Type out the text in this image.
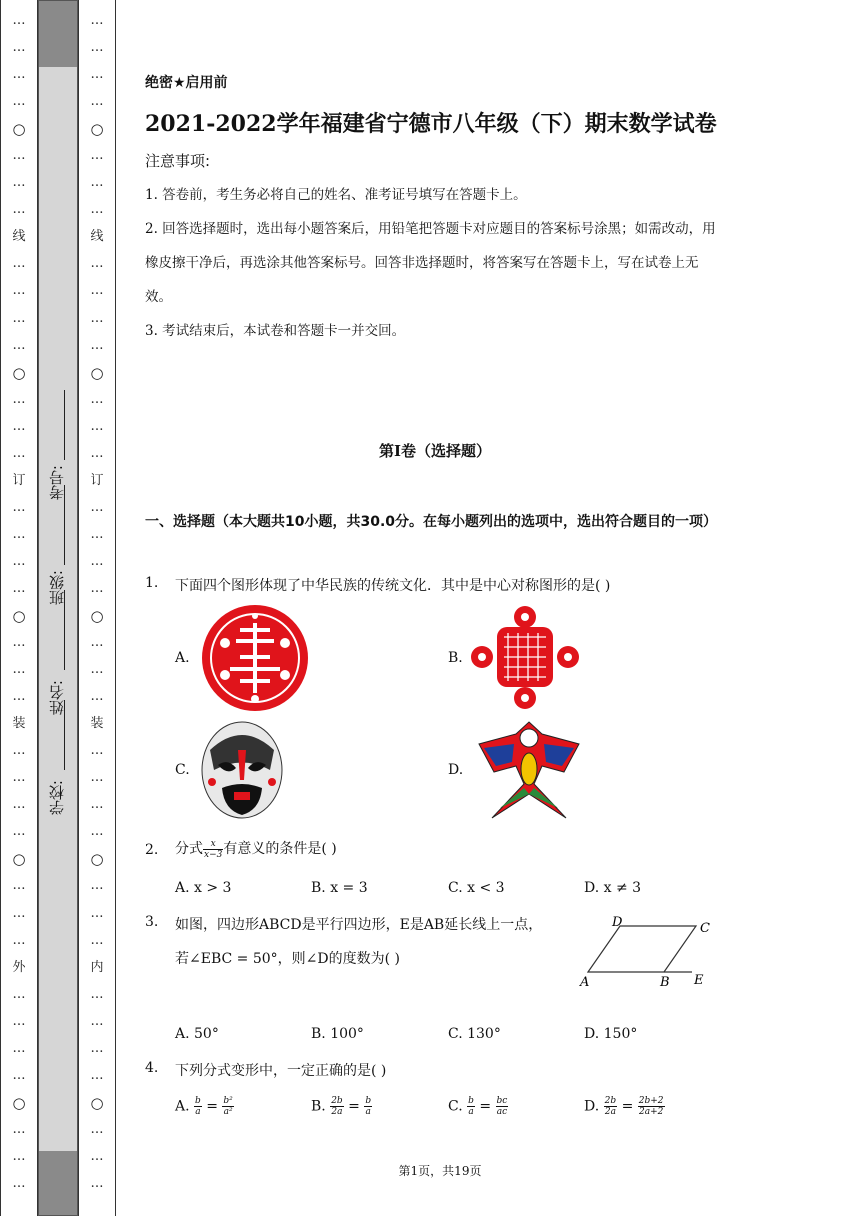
…
…
…
…
○
…
…
…
线
…
…
…
…
○
…
…
…
订
…
…
…
…
○
…
…
…
装
…
…
…
…
○
…
…
…
外
…
…
…
…
○
…
…
…
…
…
…
…
○
…
…
…
线
…
…
…
…
○
…
…
…
订
…
…
…
…
○
…
…
…
装
…
…
…
…
○
…
…
…
内
…
…
…
…
○
…
…
…
学校:
姓名:
班级:
考号:
绝密★启用前
2021-2022学年福建省宁德市八年级（下）期末数学试卷
注意事项:
1. 答卷前，考生务必将自己的姓名、准考证号填写在答题卡上。
2. 回答选择题时，选出每小题答案后，用铅笔把答题卡对应题目的答案标号涂黑；如需改动，用橡皮擦干净后，再选涂其他答案标号。回答非选择题时，将答案写在答题卡上，写在试卷上无效。
3. 考试结束后，本试卷和答题卡一并交回。
第I卷（选择题）
一、选择题（本大题共10小题，共30.0分。在每小题列出的选项中，选出符合题目的一项）
1. 下面四个图形体现了中华民族的传统文化．其中是中心对称图形的是( )
A.	B.
C.	D.
2. 分式 $\frac{x}{x-3}$ 有意义的条件是( )
A. x > 3	B. x = 3	C. x < 3	D. x ≠ 3
3. 如图，四边形ABCD是平行四边形，E是AB延长线上一点，
若∠EBC = 50°，则∠D的度数为( )
D	C
A	B E
A. 50°	B. 100°	C. 130°	D. 150°
4. 下列分式变形中，一定正确的是( )
A. $\frac{b}{a} = \frac{\text{b²}}{\text{a²}}$	B. $\frac{2b}{2a} = \frac{b}{a}$	C. $\frac{b}{a} = \frac{bc}{ac}$	D. $\frac{2b}{2a} = \frac{2b+2}{2a+2}$
第1页，共19页
